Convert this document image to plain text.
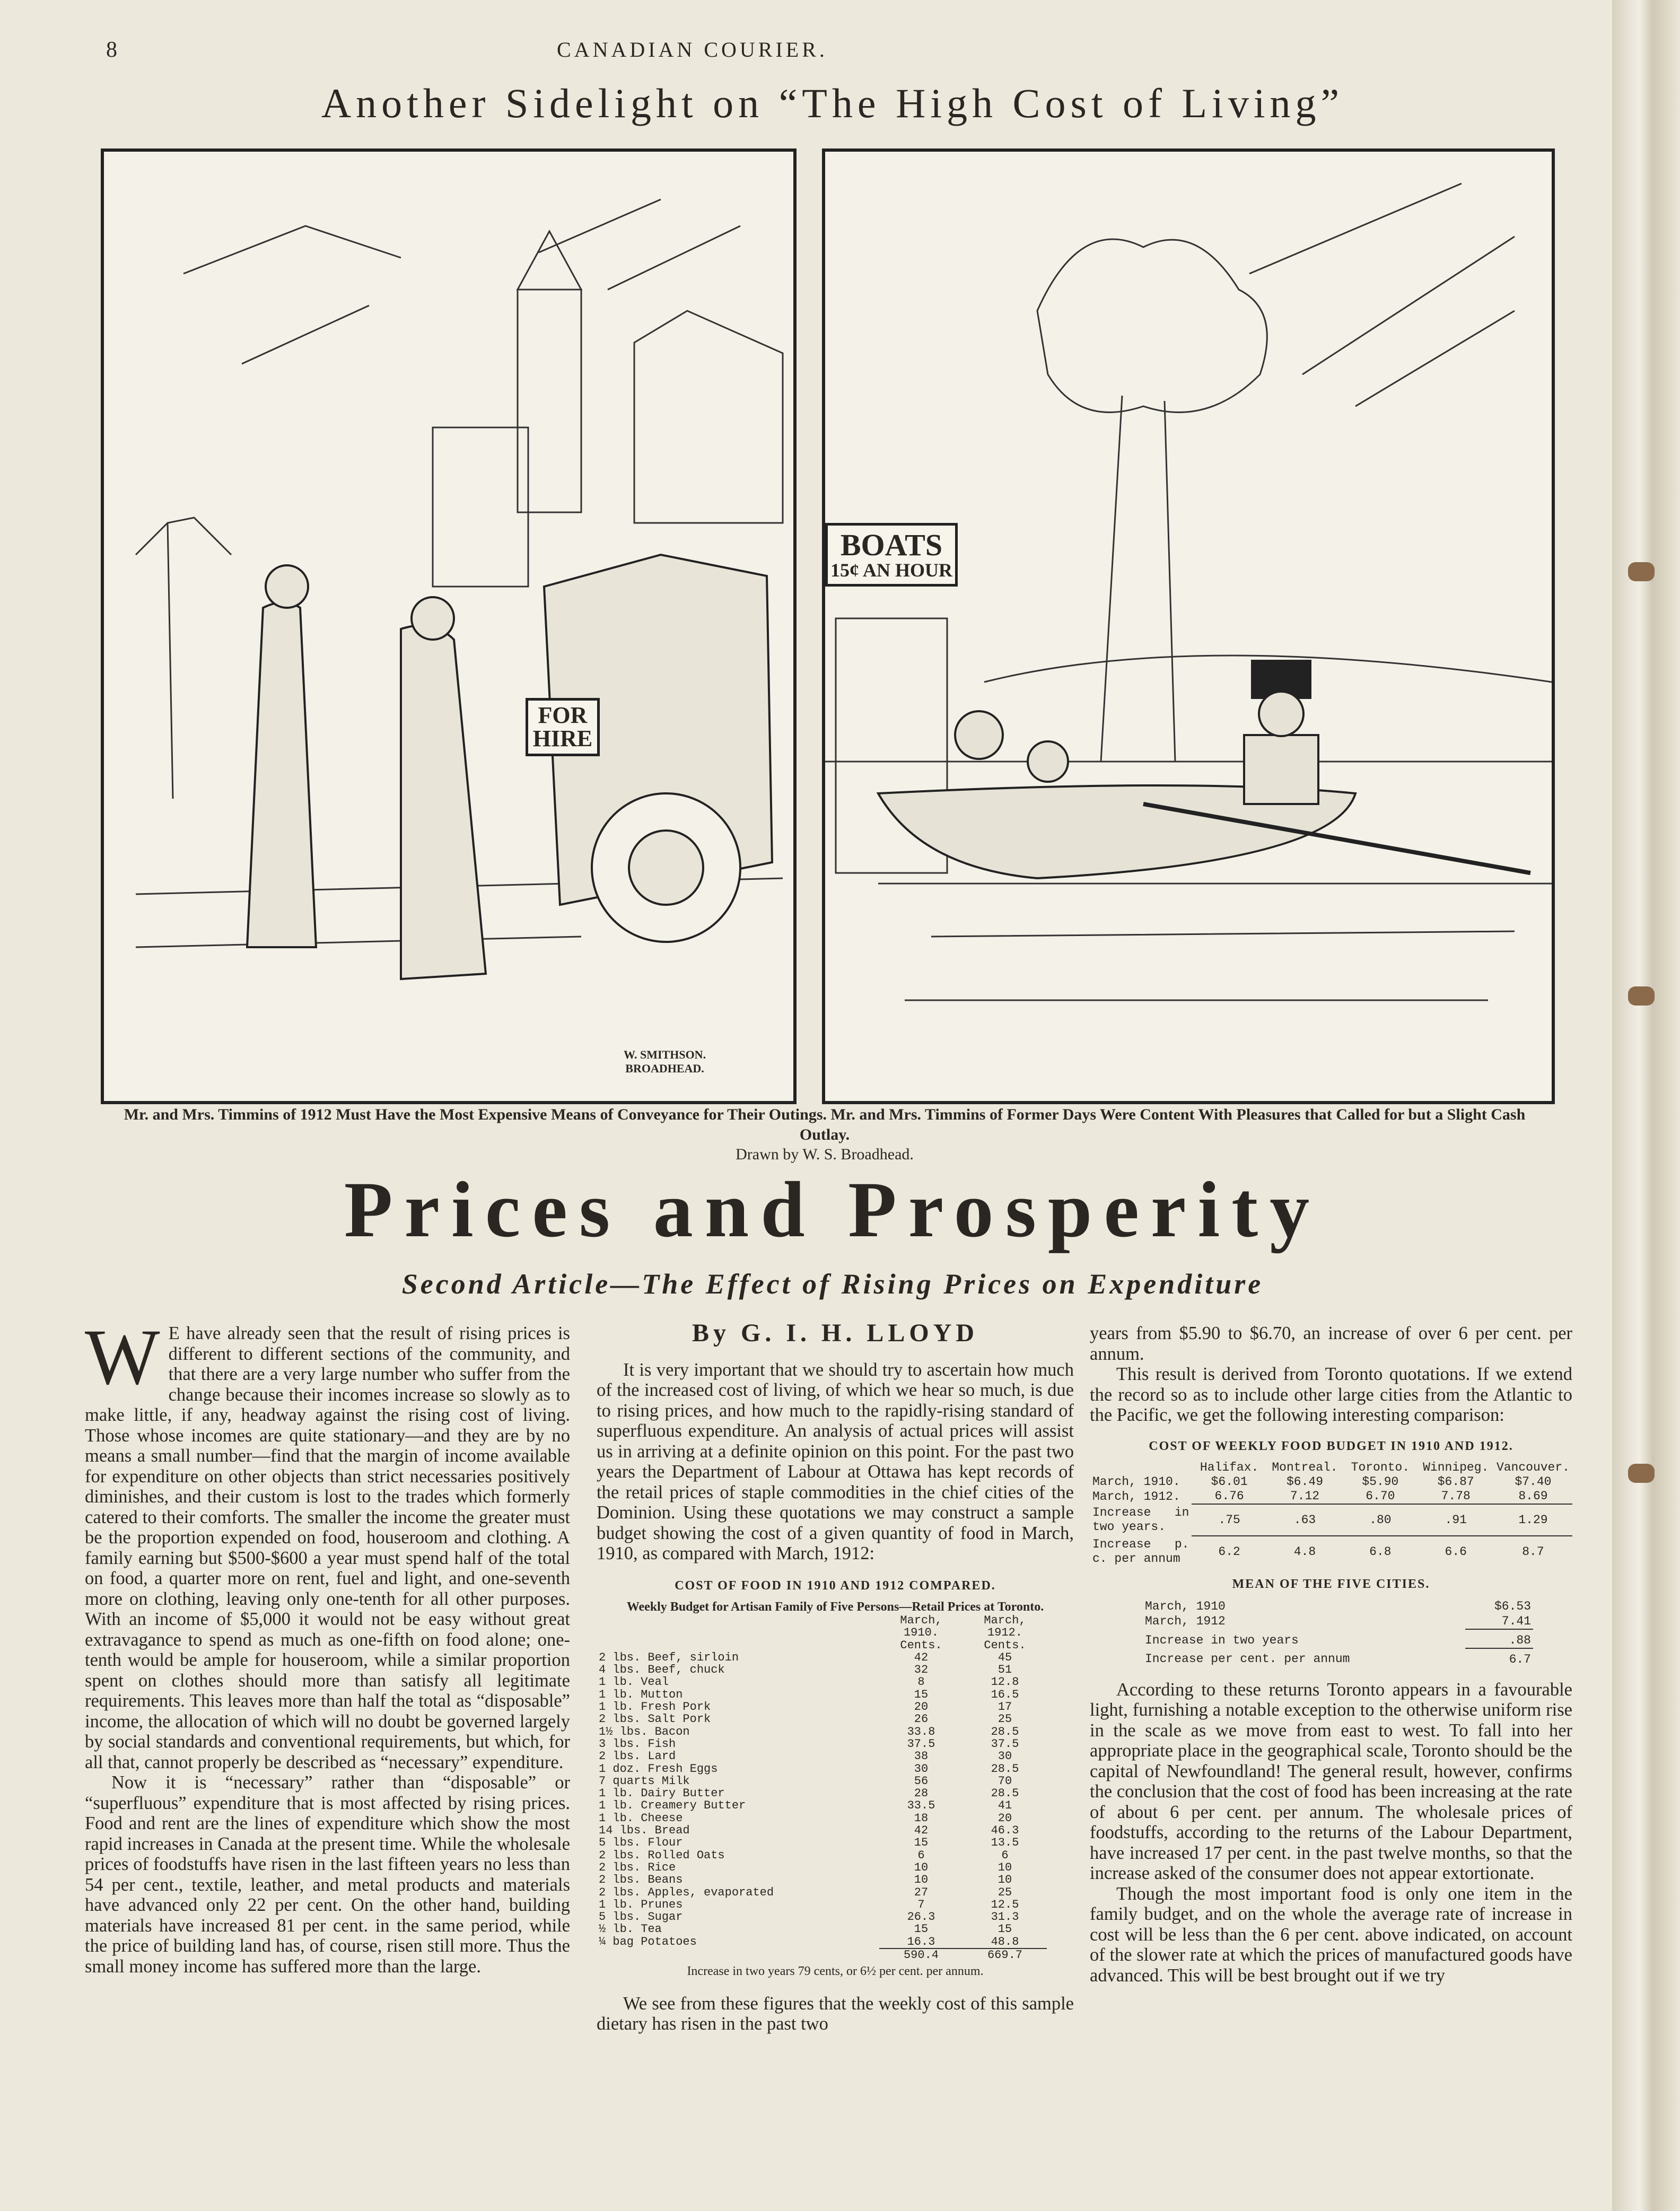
8	CANADIAN COURIER.
Another Sidelight on “The High Cost of Living”
FOR HIRE
W. SMITHSON.
BROADHEAD.
BOATS
15¢ AN HOUR
Mr. and Mrs. Timmins of 1912 Must Have the Most Expensive Means of Conveyance for Their Outings. Mr. and Mrs. Timmins of Former Days Were Content With Pleasures that Called for but a Slight Cash Outlay.
Drawn by W. S. Broadhead.
Prices and Prosperity
Second Article—The Effect of Rising Prices on Expenditure
W E have already seen that the result of rising prices is different to different sections of the community, and that there are a very large number who suffer from the change because their incomes increase so slowly as to make little, if any, headway against the rising cost of living. Those whose incomes are quite stationary—and they are by no means a small number—find that the margin of income available for expenditure on other objects than strict necessaries positively diminishes, and their custom is lost to the trades which formerly catered to their comforts. The smaller the income the greater must be the proportion expended on food, houseroom and clothing. A family earning but $500-$600 a year must spend half of the total on food, a quarter more on rent, fuel and light, and one-seventh more on clothing, leaving only one-tenth for all other purposes. With an income of $5,000 it would not be easy without great extravagance to spend as much as one-fifth on food alone; one-tenth would be ample for houseroom, while a similar proportion spent on clothes should more than satisfy all legitimate requirements. This leaves more than half the total as “disposable” income, the allocation of which will no doubt be governed largely by social standards and conventional requirements, but which, for all that, cannot properly be described as “necessary” expenditure.

Now it is “necessary” rather than “disposable” or “superfluous” expenditure that is most affected by rising prices. Food and rent are the lines of expenditure which show the most rapid increases in Canada at the present time. While the wholesale prices of foodstuffs have risen in the last fifteen years no less than 54 per cent., textile, leather, and metal products and materials have advanced only 22 per cent. On the other hand, building materials have increased 81 per cent. in the same period, while the price of building land has, of course, risen still more. Thus the small money income has suffered more than the large.

By G. I. H. LLOYD

It is very important that we should try to ascertain how much of the increased cost of living, of which we hear so much, is due to rising prices, and how much to the rapidly-rising standard of superfluous expenditure. An analysis of actual prices will assist us in arriving at a definite opinion on this point. For the past two years the Department of Labour at Ottawa has kept records of the retail prices of staple commodities in the chief cities of the Dominion. Using these quotations we may construct a sample budget showing the cost of a given quantity of food in March, 1910, as compared with March, 1912:

COST OF FOOD IN 1910 AND 1912 COMPARED.
Weekly Budget for Artisan Family of Five Persons—Retail Prices at Toronto.
	March, 1910.	March, 1912.
	Cents.	Cents.
2 lbs. Beef, sirloin	42	45
4 lbs. Beef, chuck	32	51
1 lb. Veal	8	12.8
1 lb. Mutton	15	16.5
1 lb. Fresh Pork	20	17
2 lbs. Salt Pork	26	25
1½ lbs. Bacon	33.8	28.5
3 lbs. Fish	37.5	37.5
2 lbs. Lard	38	30
1 doz. Fresh Eggs	30	28.5
7 quarts Milk	56	70
1 lb. Dairy Butter	28	28.5
1 lb. Creamery Butter	33.5	41
1 lb. Cheese	18	20
14 lbs. Bread	42	46.3
5 lbs. Flour	15	13.5
2 lbs. Rolled Oats	6	6
2 lbs. Rice	10	10
2 lbs. Beans	10	10
2 lbs. Apples, evaporated	27	25
1 lb. Prunes	7	12.5
5 lbs. Sugar	26.3	31.3
½ lb. Tea	15	15
¼ bag Potatoes	16.3	48.8
	590.4	669.7
Increase in two years 79 cents, or 6½ per cent. per annum.

We see from these figures that the weekly cost of this sample dietary has risen in the past two

years from $5.90 to $6.70, an increase of over 6 per cent. per annum.

This result is derived from Toronto quotations. If we extend the record so as to include other large cities from the Atlantic to the Pacific, we get the following interesting comparison:

COST OF WEEKLY FOOD BUDGET IN 1910 AND 1912.
	Halifax.	Montreal.	Toronto.	Winnipeg.	Vancouver.
March, 1910.	$6.01	$6.49	$5.90	$6.87	$7.40
March, 1912.	6.76	7.12	6.70	7.78	8.69
Increase in two years.	.75	.63	.80	.91	1.29
Increase p. c. per annum	6.2	4.8	6.8	6.6	8.7
MEAN OF THE FIVE CITIES.
March, 1910	$6.53
March, 1912	7.41
Increase in two years	.88
Increase per cent. per annum	6.7

According to these returns Toronto appears in a favourable light, furnishing a notable exception to the otherwise uniform rise in the scale as we move from east to west. To fall into her appropriate place in the geographical scale, Toronto should be the capital of Newfoundland! The general result, however, confirms the conclusion that the cost of food has been increasing at the rate of about 6 per cent. per annum. The wholesale prices of foodstuffs, according to the returns of the Labour Department, have increased 17 per cent. in the past twelve months, so that the increase asked of the consumer does not appear extortionate.

Though the most important food is only one item in the family budget, and on the whole the average rate of increase in cost will be less than the 6 per cent. above indicated, on account of the slower rate at which the prices of manufactured goods have advanced. This will be best brought out if we try
